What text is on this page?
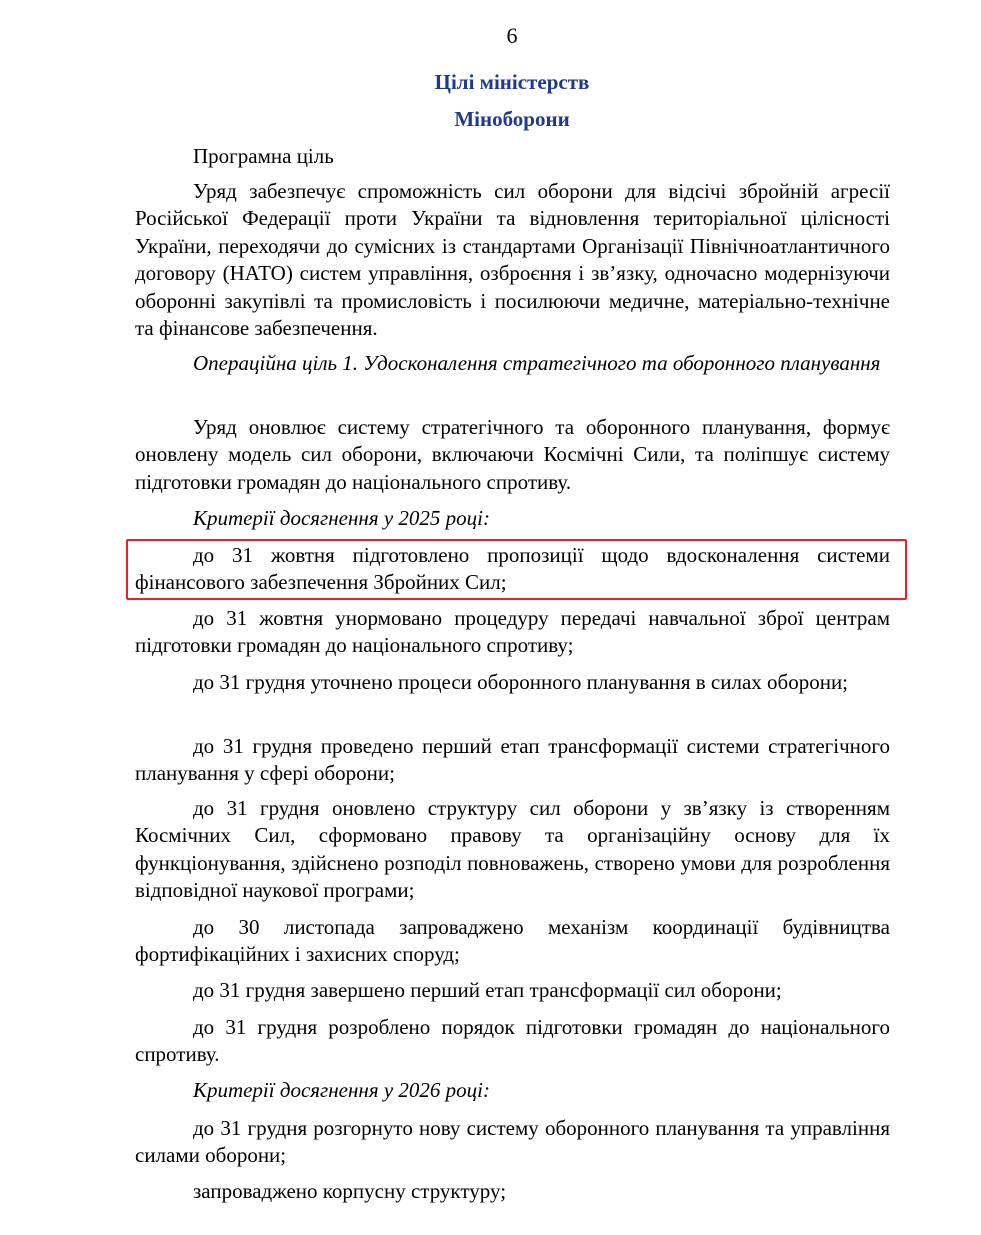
6
Цілі міністерств
Міноборони

Програмна ціль

Уряд забезпечує спроможність сил оборони для відсічі збройній агресії Російської Федерації проти України та відновлення територіальної цілісності України, переходячи до сумісних із стандартами Організації Північноатлантичного договору (НАТО) систем управління, озброєння і зв’язку, одночасно модернізуючи оборонні закупівлі та промисловість і посилюючи медичне, матеріально-технічне та фінансове забезпечення.

Операційна ціль 1. Удосконалення стратегічного та оборонного планування

Уряд оновлює систему стратегічного та оборонного планування, формує оновлену модель сил оборони, включаючи Космічні Сили, та поліпшує систему підготовки громадян до національного спротиву.

Критерії досягнення у 2025 році:

до 31 жовтня підготовлено пропозиції щодо вдосконалення системи фінансового забезпечення Збройних Сил;

до 31 жовтня унормовано процедуру передачі навчальної зброї центрам підготовки громадян до національного спротиву;

до 31 грудня уточнено процеси оборонного планування в силах оборони;

до 31 грудня проведено перший етап трансформації системи стратегічного планування у сфері оборони;

до 31 грудня оновлено структуру сил оборони у зв’язку із створенням Космічних Сил, сформовано правову та організаційну основу для їх функціонування, здійснено розподіл повноважень, створено умови для розроблення відповідної наукової програми;

до 30 листопада запроваджено механізм координації будівництва фортифікаційних і захисних споруд;

до 31 грудня завершено перший етап трансформації сил оборони;

до 31 грудня розроблено порядок підготовки громадян до національного спротиву.

Критерії досягнення у 2026 році:

до 31 грудня розгорнуто нову систему оборонного планування та управління силами оборони;

запроваджено корпусну структуру;
